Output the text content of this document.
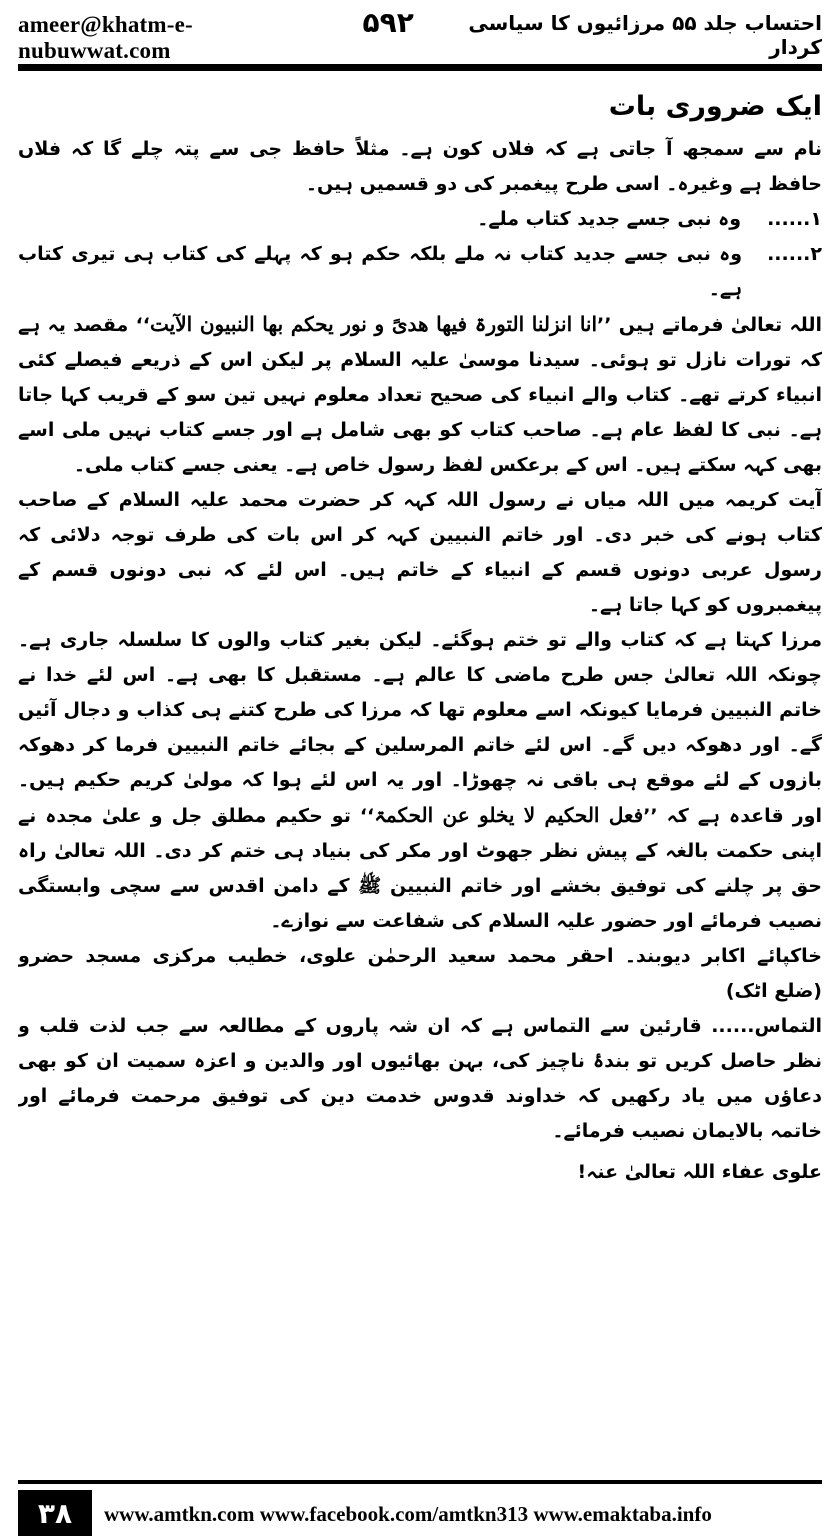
ameer@khatm-e-nubuwwat.com
۵۹۲	احتساب جلد ۵۵ مرزائیوں کا سیاسی کردار
ایک ضروری بات

نام سے سمجھ آ جاتی ہے کہ فلاں کون ہے۔ مثلاً حافظ جی سے پتہ چلے گا کہ فلاں حافظ ہے وغیرہ۔ اسی طرح پیغمبر کی دو قسمیں ہیں۔

۱......
وہ نبی جسے جدید کتاب ملے۔
۲......
وہ نبی جسے جدید کتاب نہ ملے بلکہ حکم ہو کہ پہلے کی کتاب ہی تیری کتاب ہے۔

اللہ تعالیٰ فرماتے ہیں ’’انا انزلنا التورۃ فیھا ھدیً و نور یحکم بھا النبیون الآیت‘‘ مقصد یہ ہے کہ تورات نازل تو ہوئی۔ سیدنا موسیٰ علیہ السلام پر لیکن اس کے ذریعے فیصلے کئی انبیاء کرتے تھے۔ کتاب والے انبیاء کی صحیح تعداد معلوم نہیں تین سو کے قریب کہا جاتا ہے۔ نبی کا لفظ عام ہے۔ صاحب کتاب کو بھی شامل ہے اور جسے کتاب نہیں ملی اسے بھی کہہ سکتے ہیں۔ اس کے برعکس لفظ رسول خاص ہے۔ یعنی جسے کتاب ملی۔

آیت کریمہ میں اللہ میاں نے رسول اللہ کہہ کر حضرت محمد علیہ السلام کے صاحب کتاب ہونے کی خبر دی۔ اور خاتم النبیین کہہ کر اس بات کی طرف توجہ دلائی کہ رسول عربی دونوں قسم کے انبیاء کے خاتم ہیں۔ اس لئے کہ نبی دونوں قسم کے پیغمبروں کو کہا جاتا ہے۔

مرزا کہتا ہے کہ کتاب والے تو ختم ہوگئے۔ لیکن بغیر کتاب والوں کا سلسلہ جاری ہے۔ چونکہ اللہ تعالیٰ جس طرح ماضی کا عالم ہے۔ مستقبل کا بھی ہے۔ اس لئے خدا نے خاتم النبیین فرمایا کیونکہ اسے معلوم تھا کہ مرزا کی طرح کتنے ہی کذاب و دجال آئیں گے۔ اور دھوکہ دیں گے۔ اس لئے خاتم المرسلین کے بجائے خاتم النبیین فرما کر دھوکہ بازوں کے لئے موقع ہی باقی نہ چھوڑا۔ اور یہ اس لئے ہوا کہ مولیٰ کریم حکیم ہیں۔ اور قاعدہ ہے کہ ’’فعل الحکیم لا یخلو عن الحکمۃ‘‘ تو حکیم مطلق جل و علیٰ مجدہ نے اپنی حکمت بالغہ کے پیش نظر جھوٹ اور مکر کی بنیاد ہی ختم کر دی۔ اللہ تعالیٰ راہ حق پر چلنے کی توفیق بخشے اور خاتم النبیین ﷺ کے دامن اقدس سے سچی وابستگی نصیب فرمائے اور حضور علیہ السلام کی شفاعت سے نوازے۔

خاکپائے اکابر دیوبند۔ احقر محمد سعید الرحمٰن علوی، خطیب مرکزی مسجد حضرو (ضلع اٹک)

التماس...... قارئین سے التماس ہے کہ ان شہ پاروں کے مطالعہ سے جب لذت قلب و نظر حاصل کریں تو بندۂ ناچیز کی، بہن بھائیوں اور والدین و اعزہ سمیت ان کو بھی دعاؤں میں یاد رکھیں کہ خداوند قدوس خدمت دین کی توفیق مرحمت فرمائے اور خاتمہ بالایمان نصیب فرمائے۔

علوی عفاء اللہ تعالیٰ عنہ!

۳۸	www.amtkn.com www.facebook.com/amtkn313 www.emaktaba.info
